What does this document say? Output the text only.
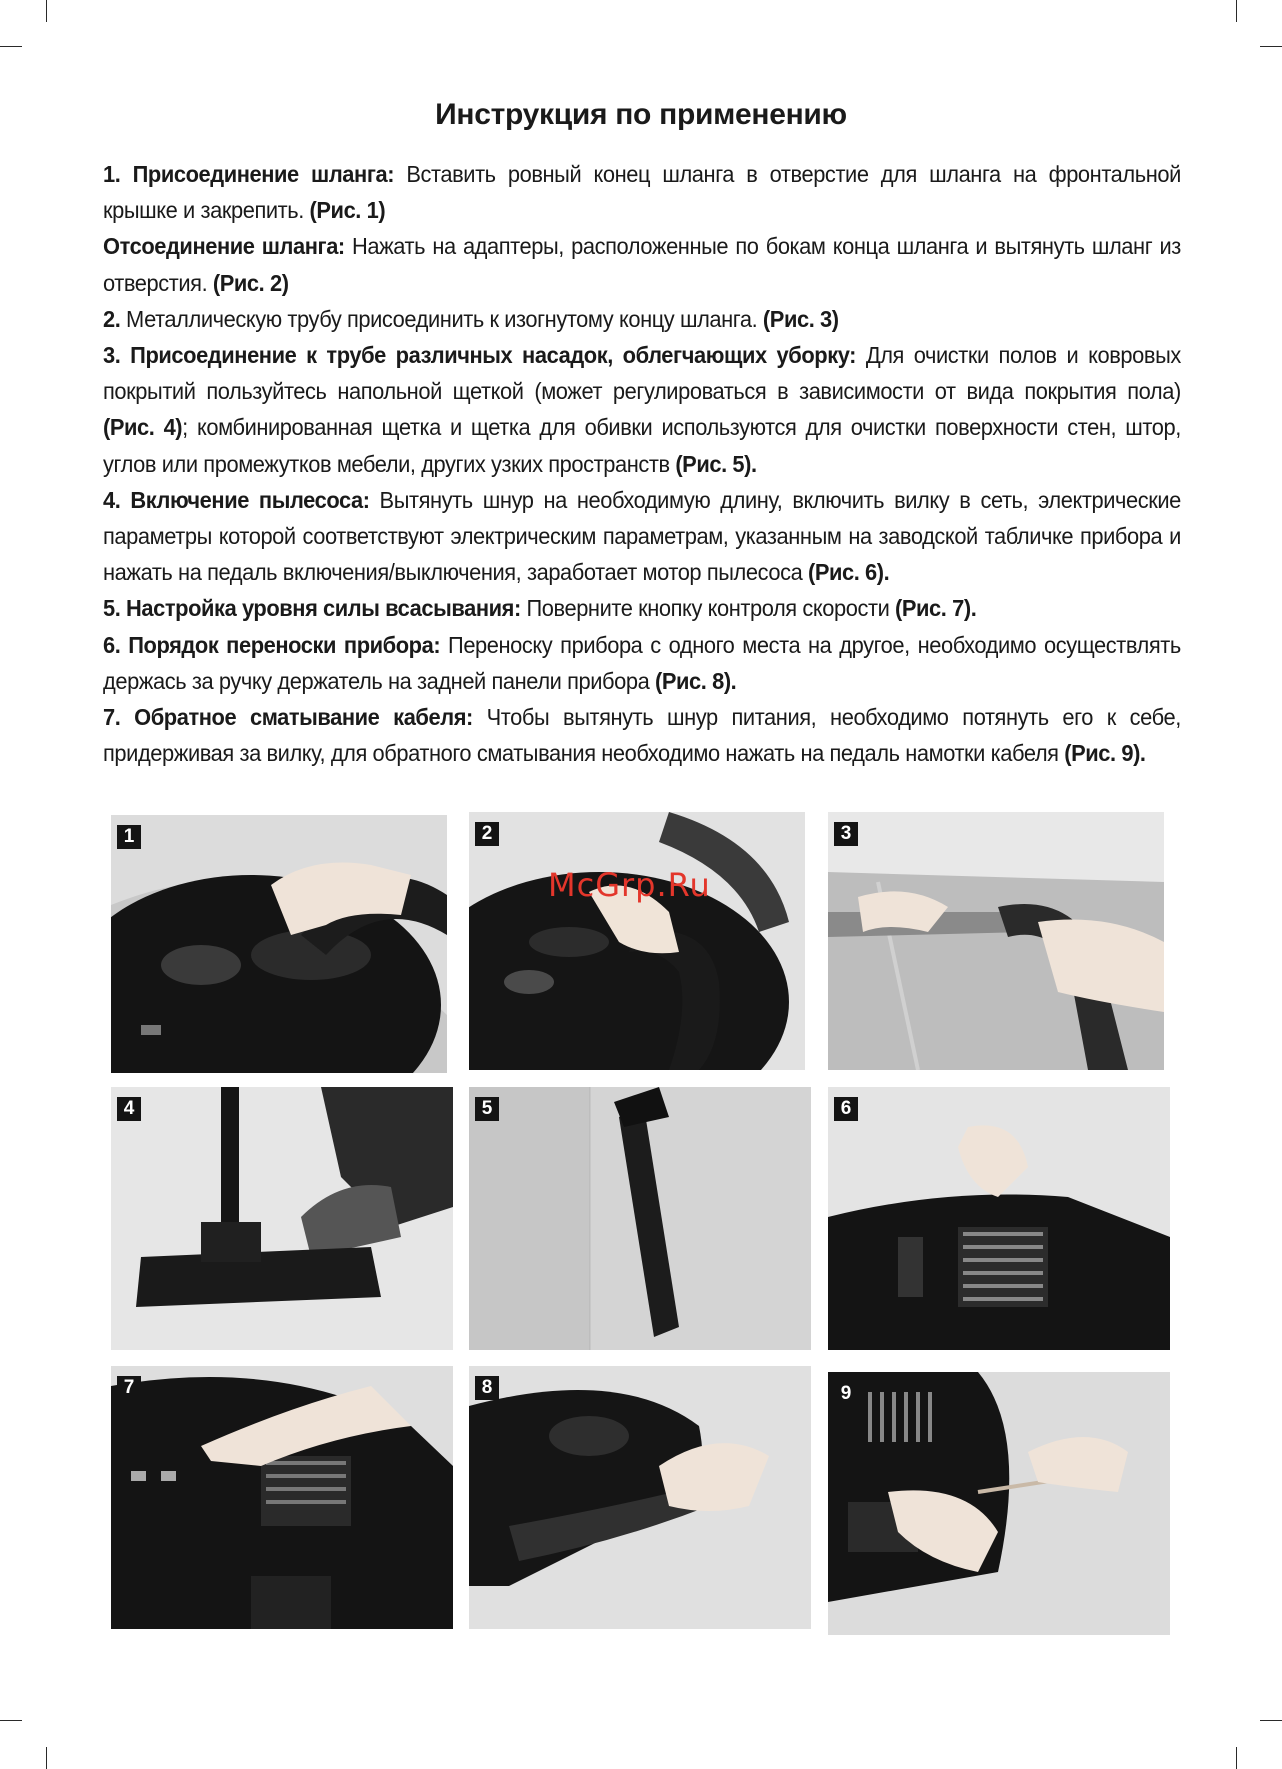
Инструкция по применению

1. Присоединение шланга: Вставить ровный конец шланга в отверстие для шланга на фронтальной крышке и закрепить. (Рис. 1)

Отсоединение шланга: Нажать на адаптеры, расположенные по бокам конца шланга и вытянуть шланг из отверстия. (Рис. 2)

2. Металлическую трубу присоединить к изогнутому концу шланга. (Рис. 3)

3. Присоединение к трубе различных насадок, облегчающих уборку: Для очистки полов и ковровых покрытий пользуйтесь напольной щеткой (может регулироваться в зависимости от вида покрытия пола) (Рис. 4); комбинированная щетка и щетка для обивки используются для очистки поверхности стен, штор, углов или промежутков мебели, других узких пространств (Рис. 5).

4. Включение пылесоса: Вытянуть шнур на необходимую длину, включить вилку в сеть, электрические параметры которой соответствуют электрическим параметрам, указанным на заводской табличке прибора и нажать на педаль включения/выключения, заработает мотор пылесоса (Рис. 6).

5. Настройка уровня силы всасывания: Поверните кнопку контроля скорости (Рис. 7).

6. Порядок переноски прибора: Переноску прибора с одного места на другое, необходимо осуществлять держась за ручку держатель на задней панели прибора (Рис. 8).

7. Обратное сматывание кабеля: Чтобы вытянуть шнур питания, необходимо потянуть его к себе, придерживая за вилку, для обратного сматывания необходимо нажать на педаль намотки кабеля (Рис. 9).

1	2	3
4	5	6
7	8	9
McGrp.Ru
